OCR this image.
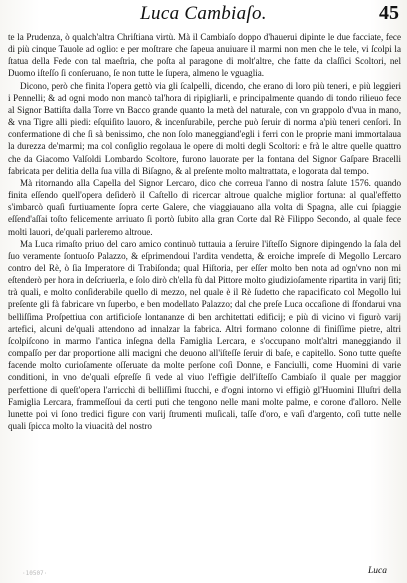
Luca Cambiaſo.	45

te la Prudenza, ò qualch'altra Chriſtiana virtù. Mà il Cambiaſo doppo d'hauerui dipinte le due facciate, fece di più cinque Tauole ad oglio: e per moſtrare che ſapeua anuiuare il marmi non men che le tele, vi ſcolpi la ſtatua della Fede con tal maeſtria, che poſta al paragone di molt'altre, che fatte da claſſici Scoltori, nel Duomo iſteſſo ſi conſeruano, ſe non tutte le ſupera, almeno le vguaglia.

Dicono, però che finita l'opera gettò via gli ſcalpelli, dicendo, che erano di loro più teneri, e più leggieri i Pennelli; & ad ogni modo non mancò tal'hora di ripigliarli, e principalmente quando di tondo rilieuo fece al Signor Battiſta dalla Torre vn Bacco grande quanto la metà del naturale, con vn grappolo d'vua in mano, & vna Tigre alli piedi: eſquiſito lauoro, & incenſurabile, perche può ſeruir di norma a'più teneri cenſori. In confermatione di che ſi sà benissimo, che non ſolo maneggiand'egli i ferri con le proprie mani immortalaua la durezza de'marmi; ma col conſiglio regolaua le opere di molti degli Scoltori: e frà le altre quelle quattro che da Giacomo Valſoldi Lombardo Scoltore, furono lauorate per la fontana del Signor Gaſpare Bracelli fabricata per delitia della ſua villa di Biſagno, & al preſente molto maltrattata, e logorata dal tempo.

Mà ritornando alla Capella del Signor Lercaro, dico che correua l'anno di nostra ſalute 1576. quando finita eſſendo quell'opera deſiderò il Caſtello di ricercar altroue qualche miglior fortuna: al qual'effetto s'imbarcò quaſi furtiuamente ſopra certe Galere, che viaggiauano alla volta di Spagna, alle cui ſpiaggie eſſend'aſſai toſto felicemente arriuato ſi portò ſubito alla gran Corte dal Rè Filippo Secondo, al quale fece molti lauori, de'quali parleremo altroue.

Ma Luca rimaſto priuo del caro amico continuò tuttauia a ſeruire l'iſteſſo Signore dipingendo la ſala del ſuo veramente ſontuoſo Palazzo, & eſprimendoui l'ardita vendetta, & eroiche impreſe di Megollo Lercaro contro del Rè, ò ſia Imperatore di Trabiſonda; qual Hiſtoria, per eſſer molto ben nota ad ogn'vno non mi eſtenderò per hora in deſcriuerla, e ſolo dirò ch'ella fù dal Pittore molto giudizioſamente ripartita in varij ſiti; trà quali, e molto conſiderabile quello di mezzo, nel quale è il Rè ſudetto che rapacificato col Megollo lui preſente gli fà fabricare vn ſuperbo, e ben modellato Palazzo; dal che preſe Luca occaſione di ſfondarui vna belliſſima Proſpettiua con artificioſe lontananze di ben architettati edificij; e più di vicino vi figurò varij artefici, alcuni de'quali attendono ad innalzar la fabrica. Altri formano colonne di finiſſime pietre, altri ſcolpiſcono in marmo l'antica inſegna della Famiglia Lercara, e s'occupano molt'altri maneggiando il compaſſo per dar proportione alli macigni che deuono all'iſteſſe ſeruir di baſe, e capitello. Sono tutte queſte facende molto curioſamente oſſeruate da molte perſone coſi Donne, e Fanciulli, come Huomini di varie conditioni, in vno de'quali eſpreſſe ſi vede al viuo l'effigie dell'iſteſſo Cambiaſo il quale per maggior perfettione di queſt'opera l'arricchì di belliſſimi ſtucchi, e d'ogni intorno vi effigiò gl'Huomini Illuſtri della Famiglia Lercara, frammeſſoui da certi puti che tengono nelle mani molte palme, e corone d'alloro. Nelle lunette poi vi ſono tredici figure con varij ſtrumenti muſicali, taſſe d'oro, e vaſi d'argento, coſi tutte nelle quali ſpicca molto la viuacità del nostro

·10507·	Luca
